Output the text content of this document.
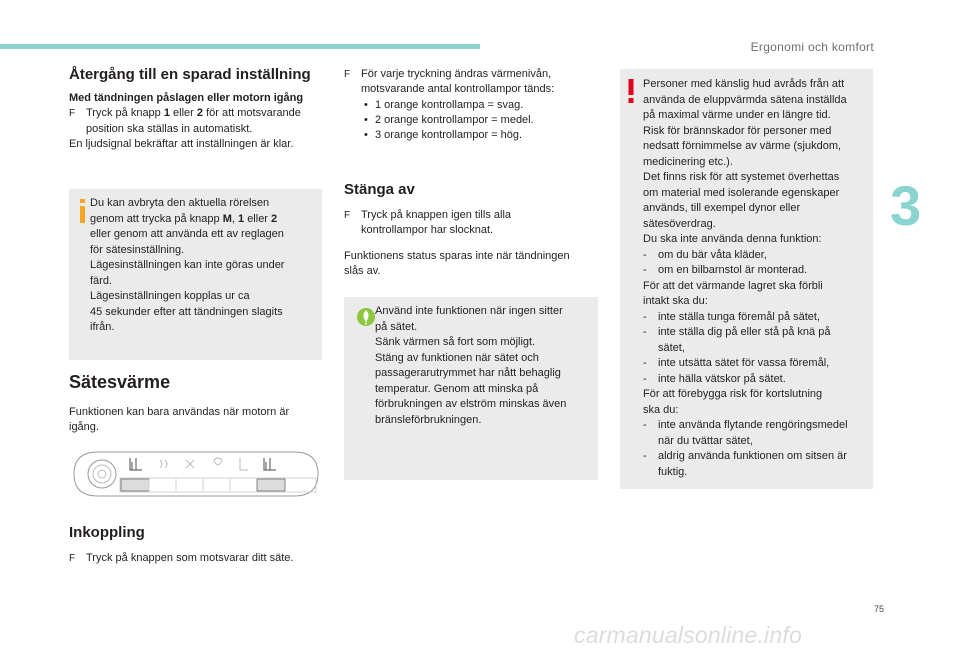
Ergonomi och komfort
3
75
carmanualsonline.info
Återgång till en sparad inställning

Med tändningen påslagen eller motorn igång

F Tryck på knapp 1 eller 2 för att motsvarande position ska ställas in automatiskt.

En ljudsignal bekräftar att inställningen är klar.

Du kan avbryta den aktuella rörelsen

genom att trycka på knapp M, 1 eller 2

eller genom att använda ett av reglagen

för sätesinställning.

Lägesinställningen kan inte göras under

färd.

Lägesinställningen kopplas ur ca

45 sekunder efter att tändningen slagits

ifrån.

Sätesvärme

Funktionen kan bara användas när motorn är

igång.

Inkoppling

F Tryck på knappen som motsvarar ditt säte.

F För varje tryckning ändras värmenivån,
motsvarande antal kontrollampor tänds:

• 1 orange kontrollampa = svag.

• 2 orange kontrollampor = medel.

• 3 orange kontrollampor = hög.

Stänga av

F Tryck på knappen igen tills alla
kontrollampor har slocknat.

Funktionens status sparas inte när tändningen

slås av.

Använd inte funktionen när ingen sitter

på sätet.

Sänk värmen så fort som möjligt.

Stäng av funktionen när sätet och

passagerarutrymmet har nått behaglig

temperatur. Genom att minska på

förbrukningen av elström minskas även

bränsleförbrukningen.

Personer med känslig hud avråds från att

använda de eluppvärmda sätena inställda

på maximal värme under en längre tid.

Risk för brännskador för personer med

nedsatt förnimmelse av värme (sjukdom,

medicinering etc.).

Det finns risk för att systemet överhettas

om material med isolerande egenskaper

används, till exempel dynor eller

sätesöverdrag.

Du ska inte använda denna funktion:

- om du bär våta kläder,

- om en bilbarnstol är monterad.

För att det värmande lagret ska förbli

intakt ska du:

- inte ställa tunga föremål på sätet,

- inte ställa dig på eller stå på knä på
sätet,

- inte utsätta sätet för vassa föremål,

- inte hälla vätskor på sätet.

För att förebygga risk för kortslutning

ska du:

- inte använda flytande rengöringsmedel
när du tvättar sätet,

- aldrig använda funktionen om sitsen är
fuktig.
